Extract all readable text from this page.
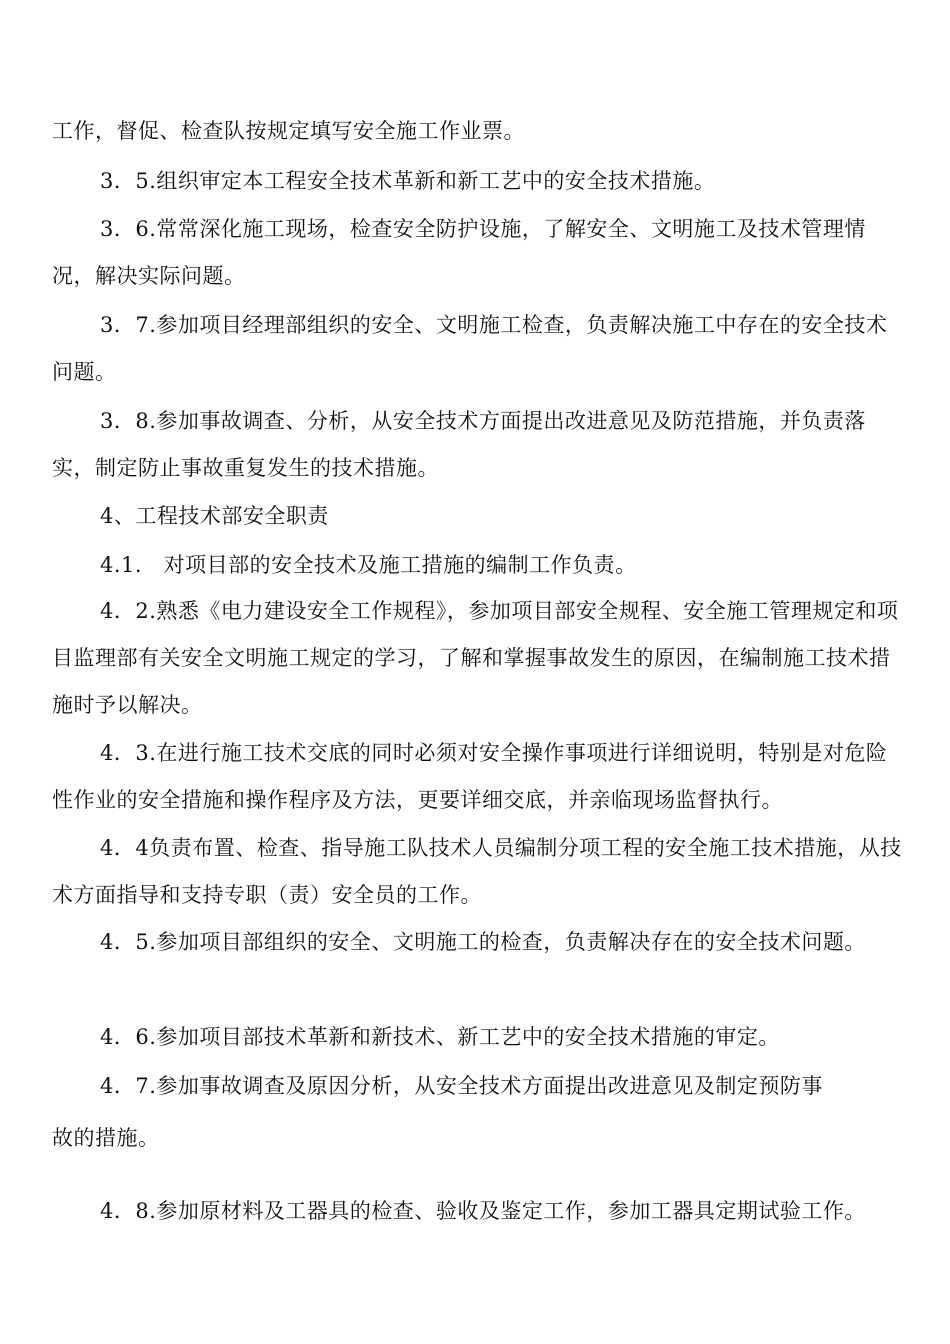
工作，督促、检查队按规定填写安全施工作业票。

3．5.组织审定本工程安全技术革新和新工艺中的安全技术措施。

3．6.常常深化施工现场，检查安全防护设施，了解安全、文明施工及技术管理情况，解决实际问题。

3．7.参加项目经理部组织的安全、文明施工检查，负责解决施工中存在的安全技术问题。

3．8.参加事故调查、分析，从安全技术方面提出改进意见及防范措施，并负责落实，制定防止事故重复发生的技术措施。

4、工程技术部安全职责

4.1.　对项目部的安全技术及施工措施的编制工作负责。

4．2.熟悉《电力建设安全工作规程》，参加项目部安全规程、安全施工管理规定和项目监理部有关安全文明施工规定的学习，了解和掌握事故发生的原因，在编制施工技术措施时予以解决。

4．3.在进行施工技术交底的同时必须对安全操作事项进行详细说明，特别是对危险性作业的安全措施和操作程序及方法，更要详细交底，并亲临现场监督执行。

4．4负责布置、检查、指导施工队技术人员编制分项工程的安全施工技术措施，从技术方面指导和支持专职（责）安全员的工作。

4．5.参加项目部组织的安全、文明施工的检查，负责解决存在的安全技术问题。

4．6.参加项目部技术革新和新技术、新工艺中的安全技术措施的审定。

4．7.参加事故调查及原因分析，从安全技术方面提出改进意见及制定预防事

故的措施。

4．8.参加原材料及工器具的检查、验收及鉴定工作，参加工器具定期试验工作。
